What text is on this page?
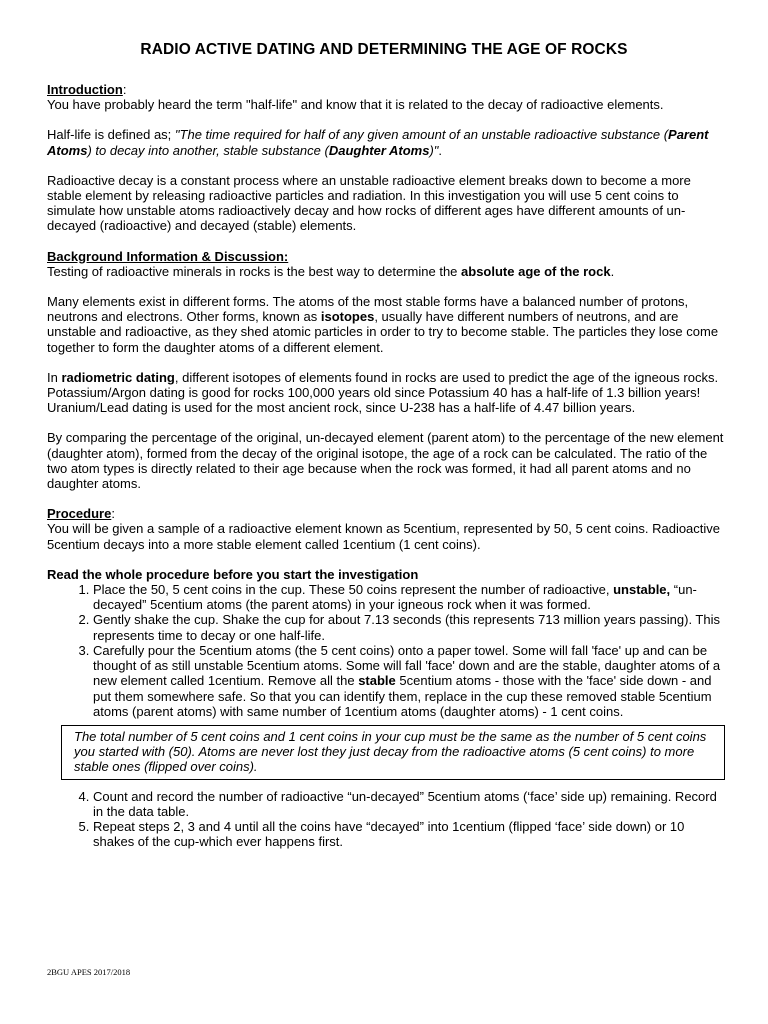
RADIO ACTIVE DATING AND DETERMINING THE AGE OF ROCKS

Introduction:

You have probably heard the term "half-life" and know that it is related to the decay of radioactive elements.

Half-life is defined as; "The time required for half of any given amount of an unstable radioactive substance (Parent Atoms) to decay into another, stable substance (Daughter Atoms)".

Radioactive decay is a constant process where an unstable radioactive element breaks down to become a more stable element by releasing radioactive particles and radiation. In this investigation you will use 5 cent coins to simulate how unstable atoms radioactively decay and how rocks of different ages have different amounts of un-decayed (radioactive) and decayed (stable) elements.

Background Information & Discussion:

Testing of radioactive minerals in rocks is the best way to determine the absolute age of the rock.

Many elements exist in different forms. The atoms of the most stable forms have a balanced number of protons, neutrons and electrons. Other forms, known as isotopes, usually have different numbers of neutrons, and are unstable and radioactive, as they shed atomic particles in order to try to become stable. The particles they lose come together to form the daughter atoms of a different element.

In radiometric dating, different isotopes of elements found in rocks are used to predict the age of the igneous rocks. Potassium/Argon dating is good for rocks 100,000 years old since Potassium 40 has a half-life of 1.3 billion years! Uranium/Lead dating is used for the most ancient rock, since U-238 has a half-life of 4.47 billion years.

By comparing the percentage of the original, un-decayed element (parent atom) to the percentage of the new element (daughter atom), formed from the decay of the original isotope, the age of a rock can be calculated. The ratio of the two atom types is directly related to their age because when the rock was formed, it had all parent atoms and no daughter atoms.

Procedure:

You will be given a sample of a radioactive element known as 5centium, represented by 50, 5 cent coins. Radioactive 5centium decays into a more stable element called 1centium (1 cent coins).

Read the whole procedure before you start the investigation

1. Place the 50, 5 cent coins in the cup. These 50 coins represent the number of radioactive, unstable, “un-decayed” 5centium atoms (the parent atoms) in your igneous rock when it was formed.
2. Gently shake the cup. Shake the cup for about 7.13 seconds (this represents 713 million years passing). This represents time to decay or one half-life.
3. Carefully pour the 5centium atoms (the 5 cent coins) onto a paper towel. Some will fall 'face' up and can be thought of as still unstable 5centium atoms. Some will fall 'face' down and are the stable, daughter atoms of a new element called 1centium. Remove all the stable 5centium atoms - those with the 'face' side down - and put them somewhere safe. So that you can identify them, replace in the cup these removed stable 5centium atoms (parent atoms) with same number of 1centium atoms (daughter atoms) - 1 cent coins.
The total number of 5 cent coins and 1 cent coins in your cup must be the same as the number of 5 cent coins you started with (50). Atoms are never lost they just decay from the radioactive atoms (5 cent coins) to more stable ones (flipped over coins).
4. Count and record the number of radioactive “un-decayed” 5centium atoms (‘face’ side up) remaining. Record in the data table.
5. Repeat steps 2, 3 and 4 until all the coins have “decayed” into 1centium (flipped ‘face’ side down) or 10 shakes of the cup-which ever happens first.
2BGU APES 2017/2018
